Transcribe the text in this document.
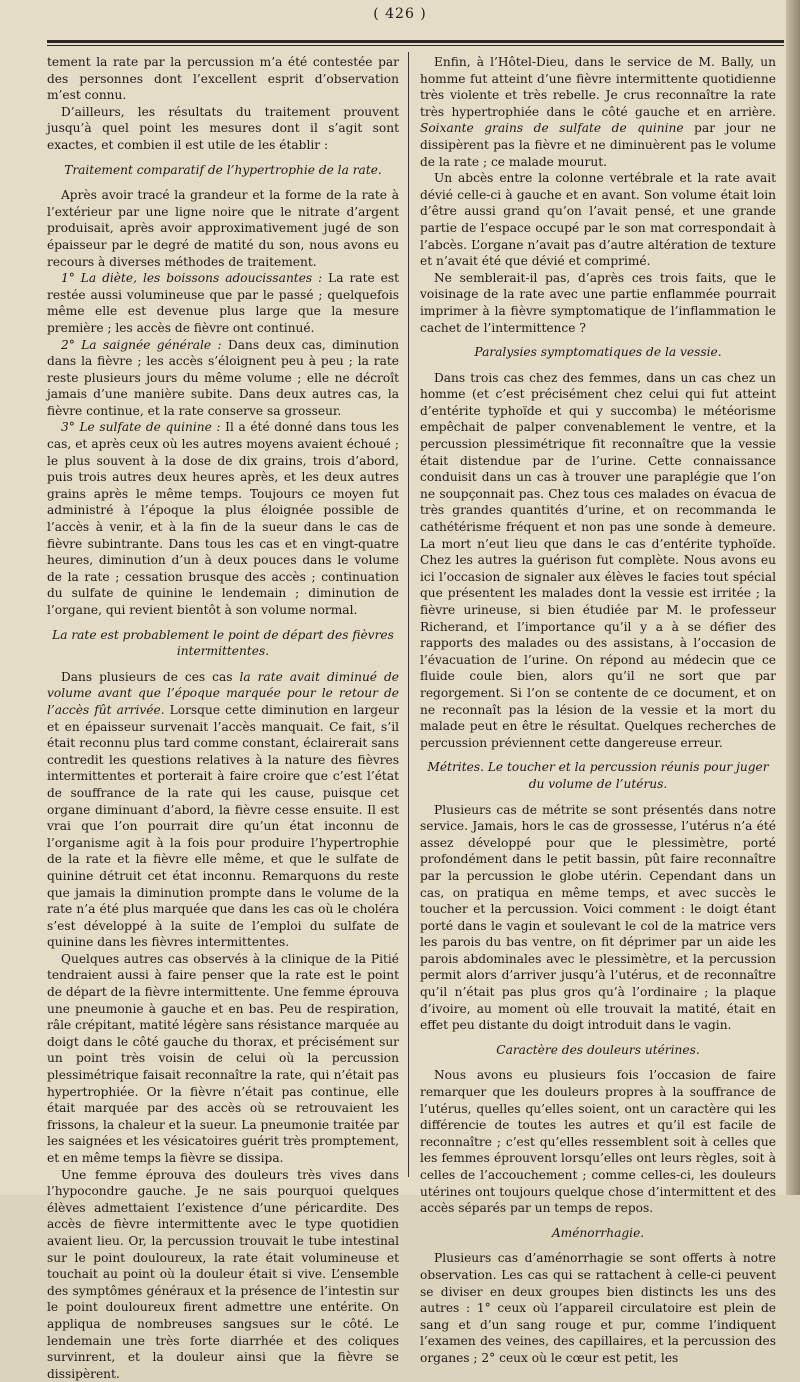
( 426 )

tement la rate par la percussion m’a été contestée par des personnes dont l’excellent esprit d’observation m’est connu.

D’ailleurs, les résultats du traitement prouvent jusqu’à quel point les mesures dont il s’agit sont exactes, et combien il est utile de les établir :

Traitement comparatif de l’hypertrophie de la rate.

Après avoir tracé la grandeur et la forme de la rate à l’extérieur par une ligne noire que le nitrate d’argent produisait, après avoir approximativement jugé de son épaisseur par le degré de matité du son, nous avons eu recours à diverses méthodes de traitement.

1° La diète, les boissons adoucissantes : La rate est restée aussi volumineuse que par le passé ; quelquefois même elle est devenue plus large que la mesure première ; les accès de fièvre ont continué.

2° La saignée générale : Dans deux cas, diminution dans la fièvre ; les accès s’éloignent peu à peu ; la rate reste plusieurs jours du même volume ; elle ne décroît jamais d’une manière subite. Dans deux autres cas, la fièvre continue, et la rate conserve sa grosseur.

3° Le sulfate de quinine : Il a été donné dans tous les cas, et après ceux où les autres moyens avaient échoué ; le plus souvent à la dose de dix grains, trois d’abord, puis trois autres deux heures après, et les deux autres grains après le même temps. Toujours ce moyen fut administré à l’époque la plus éloignée possible de l’accès à venir, et à la fin de la sueur dans le cas de fièvre subintrante. Dans tous les cas et en vingt-quatre heures, diminution d’un à deux pouces dans le volume de la rate ; cessation brusque des accès ; continuation du sulfate de quinine le lendemain ; diminution de l’organe, qui revient bientôt à son volume normal.

La rate est probablement le point de départ des fièvres intermittentes.

Dans plusieurs de ces cas la rate avait diminué de volume avant que l’époque marquée pour le retour de l’accès fût arrivée. Lorsque cette diminution en largeur et en épaisseur survenait l’accès manquait. Ce fait, s’il était reconnu plus tard comme constant, éclairerait sans contredit les questions relatives à la nature des fièvres intermittentes et porterait à faire croire que c’est l’état de souffrance de la rate qui les cause, puisque cet organe diminuant d’abord, la fièvre cesse ensuite. Il est vrai que l’on pourrait dire qu’un état inconnu de l’organisme agit à la fois pour produire l’hypertrophie de la rate et la fièvre elle même, et que le sulfate de quinine détruit cet état inconnu. Remarquons du reste que jamais la diminution prompte dans le volume de la rate n’a été plus marquée que dans les cas où le choléra s’est développé à la suite de l’emploi du sulfate de quinine dans les fièvres intermittentes.

Quelques autres cas observés à la clinique de la Pitié tendraient aussi à faire penser que la rate est le point de départ de la fièvre intermittente. Une femme éprouva une pneumonie à gauche et en bas. Peu de respiration, râle crépitant, matité légère sans résistance marquée au doigt dans le côté gauche du thorax, et précisément sur un point très voisin de celui où la percussion plessimétrique faisait reconnaître la rate, qui n’était pas hypertrophiée. Or la fièvre n’était pas continue, elle était marquée par des accès où se retrouvaient les frissons, la chaleur et la sueur. La pneumonie traitée par les saignées et les vésicatoires guérit très promptement, et en même temps la fièvre se dissipa.

Une femme éprouva des douleurs très vives dans l’hypocondre gauche. Je ne sais pourquoi quelques élèves admettaient l’existence d’une péricardite. Des accès de fièvre intermittente avec le type quotidien avaient lieu. Or, la percussion trouvait le tube intestinal sur le point douloureux, la rate était volumineuse et touchait au point où la douleur était si vive. L’ensemble des symptômes généraux et la présence de l’intestin sur le point douloureux firent admettre une entérite. On appliqua de nombreuses sangsues sur le côté. Le lendemain une très forte diarrhée et des coliques survinrent, et la douleur ainsi que la fièvre se dissipèrent.

Enfin, à l’Hôtel-Dieu, dans le service de M. Bally, un homme fut atteint d’une fièvre intermittente quotidienne très violente et très rebelle. Je crus reconnaître la rate très hypertrophiée dans le côté gauche et en arrière. Soixante grains de sulfate de quinine par jour ne dissipèrent pas la fièvre et ne diminuèrent pas le volume de la rate ; ce malade mourut.

Un abcès entre la colonne vertébrale et la rate avait dévié celle-ci à gauche et en avant. Son volume était loin d’être aussi grand qu’on l’avait pensé, et une grande partie de l’espace occupé par le son mat correspondait à l’abcès. L’organe n’avait pas d’autre altération de texture et n’avait été que dévié et comprimé.

Ne semblerait-il pas, d’après ces trois faits, que le voisinage de la rate avec une partie enflammée pourrait imprimer à la fièvre symptomatique de l’inflammation le cachet de l’intermittence ?

Paralysies symptomatiques de la vessie.

Dans trois cas chez des femmes, dans un cas chez un homme (et c’est précisément chez celui qui fut atteint d’entérite typhoïde et qui y succomba) le météorisme empêchait de palper convenablement le ventre, et la percussion plessimétrique fit reconnaître que la vessie était distendue par de l’urine. Cette connaissance conduisit dans un cas à trouver une paraplégie que l’on ne soupçonnait pas. Chez tous ces malades on évacua de très grandes quantités d’urine, et on recommanda le cathétérisme fréquent et non pas une sonde à demeure. La mort n’eut lieu que dans le cas d’entérite typhoïde. Chez les autres la guérison fut complète. Nous avons eu ici l’occasion de signaler aux élèves le facies tout spécial que présentent les malades dont la vessie est irritée ; la fièvre urineuse, si bien étudiée par M. le professeur Richerand, et l’importance qu’il y a à se défier des rapports des malades ou des assistans, à l’occasion de l’évacuation de l’urine. On répond au médecin que ce fluide coule bien, alors qu’il ne sort que par regorgement. Si l’on se contente de ce document, et on ne reconnaît pas la lésion de la vessie et la mort du malade peut en être le résultat. Quelques recherches de percussion préviennent cette dangereuse erreur.

Métrites. Le toucher et la percussion réunis pour juger du volume de l’utérus.

Plusieurs cas de métrite se sont présentés dans notre service. Jamais, hors le cas de grossesse, l’utérus n’a été assez développé pour que le plessimètre, porté profondément dans le petit bassin, pût faire reconnaître par la percussion le globe utérin. Cependant dans un cas, on pratiqua en même temps, et avec succès le toucher et la percussion. Voici comment : le doigt étant porté dans le vagin et soulevant le col de la matrice vers les parois du bas ventre, on fit déprimer par un aide les parois abdominales avec le plessimètre, et la percussion permit alors d’arriver jusqu’à l’utérus, et de reconnaître qu’il n’était pas plus gros qu’à l’ordinaire ; la plaque d’ivoire, au moment où elle trouvait la matité, était en effet peu distante du doigt introduit dans le vagin.

Caractère des douleurs utérines.

Nous avons eu plusieurs fois l’occasion de faire remarquer que les douleurs propres à la souffrance de l’utérus, quelles qu’elles soient, ont un caractère qui les différencie de toutes les autres et qu’il est facile de reconnaître ; c’est qu’elles ressemblent soit à celles que les femmes éprouvent lorsqu’elles ont leurs règles, soit à celles de l’accouchement ; comme celles-ci, les douleurs utérines ont toujours quelque chose d’intermittent et des accès séparés par un temps de repos.

Aménorrhagie.

Plusieurs cas d’aménorrhagie se sont offerts à notre observation. Les cas qui se rattachent à celle-ci peuvent se diviser en deux groupes bien distincts les uns des autres : 1° ceux où l’appareil circulatoire est plein de sang et d’un sang rouge et pur, comme l’indiquent l’examen des veines, des capillaires, et la percussion des organes ; 2° ceux où le cœur est petit, les
